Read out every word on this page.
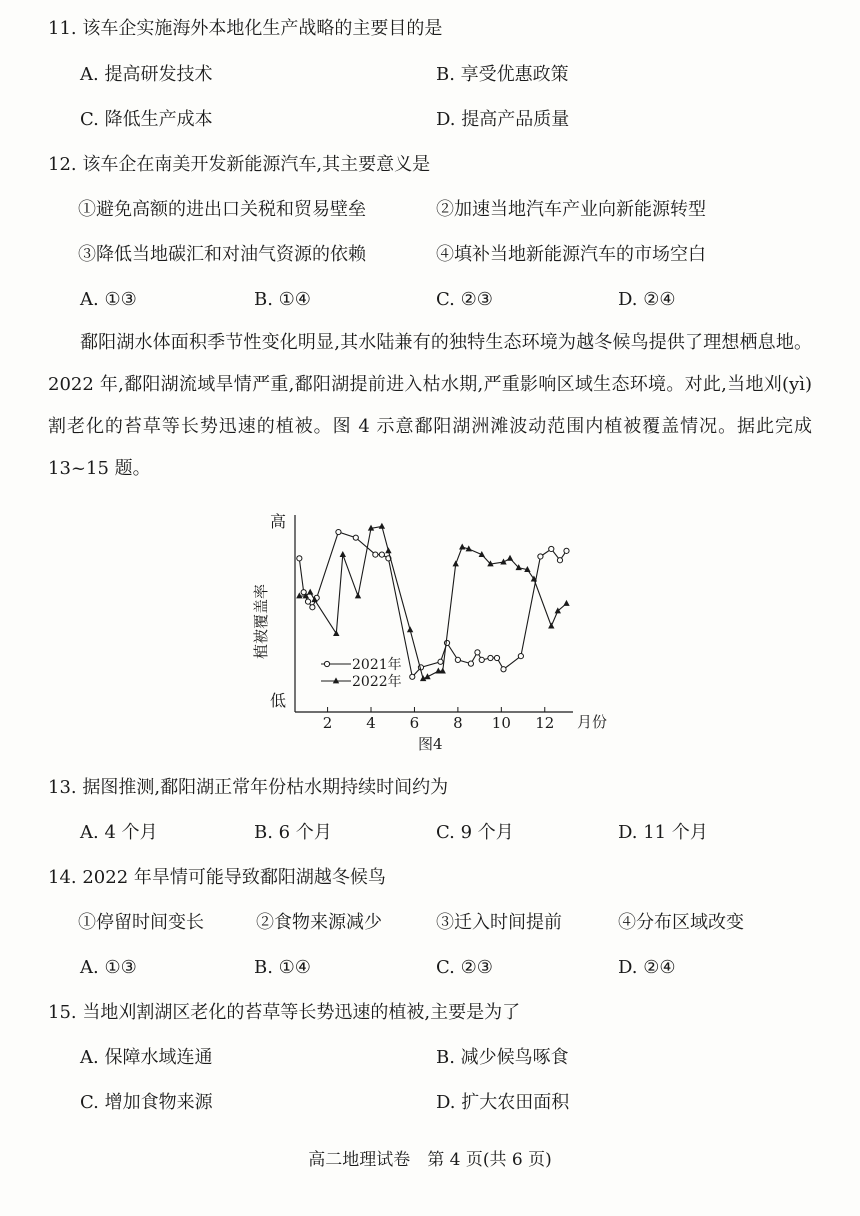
11. 该车企实施海外本地化生产战略的主要目的是
A. 提高研发技术	B. 享受优惠政策
C. 降低生产成本	D. 提高产品质量
12. 该车企在南美开发新能源汽车,其主要意义是
①避免高额的进出口关税和贸易壁垒	②加速当地汽车产业向新能源转型
③降低当地碳汇和对油气资源的依赖	④填补当地新能源汽车的市场空白
A. ①③	B. ①④	C. ②③	D. ②④
鄱阳湖水体面积季节性变化明显,其水陆兼有的独特生态环境为越冬候鸟提供了理想栖息地。2022 年,鄱阳湖流域旱情严重,鄱阳湖提前进入枯水期,严重影响区域生态环境。对此,当地刈(yì)割老化的苔草等长势迅速的植被。图 4 示意鄱阳湖洲滩波动范围内植被覆盖情况。据此完成 13~15 题。
高
低
植被覆盖率
月份
图4
2 4 6 8 10 12
2021年
2022年
13. 据图推测,鄱阳湖正常年份枯水期持续时间约为
A. 4 个月	B. 6 个月	C. 9 个月	D. 11 个月
14. 2022 年旱情可能导致鄱阳湖越冬候鸟
①停留时间变长	②食物来源减少	③迁入时间提前	④分布区域改变
A. ①③	B. ①④	C. ②③	D. ②④
15. 当地刈割湖区老化的苔草等长势迅速的植被,主要是为了
A. 保障水域连通	B. 减少候鸟啄食
C. 增加食物来源	D. 扩大农田面积
高二地理试卷　第 4 页(共 6 页)
